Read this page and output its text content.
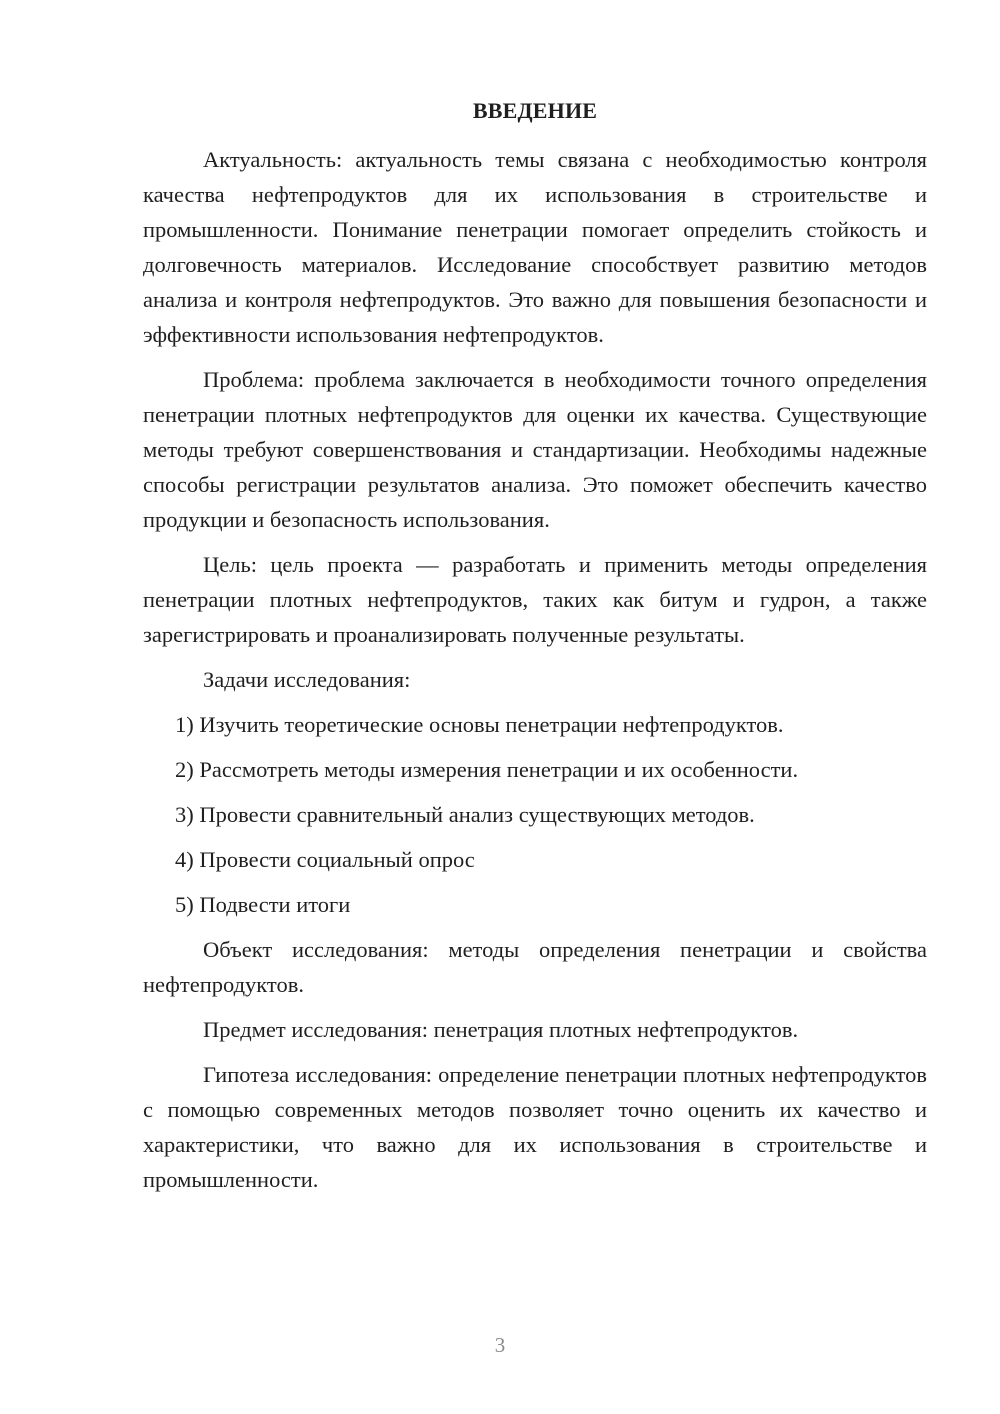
ВВЕДЕНИЕ

Актуальность: актуальность темы связана с необходимостью контроля качества нефтепродуктов для их использования в строительстве и промышленности. Понимание пенетрации помогает определить стойкость и долговечность материалов. Исследование способствует развитию методов анализа и контроля нефтепродуктов. Это важно для повышения безопасности и эффективности использования нефтепродуктов.

Проблема: проблема заключается в необходимости точного определения пенетрации плотных нефтепродуктов для оценки их качества. Существующие методы требуют совершенствования и стандартизации. Необходимы надежные способы регистрации результатов анализа. Это поможет обеспечить качество продукции и безопасность использования.

Цель: цель проекта — разработать и применить методы определения пенетрации плотных нефтепродуктов, таких как битум и гудрон, а также зарегистрировать и проанализировать полученные результаты.

Задачи исследования:

1) Изучить теоретические основы пенетрации нефтепродуктов.
2) Рассмотреть методы измерения пенетрации и их особенности.
3) Провести сравнительный анализ существующих методов.
4) Провести социальный опрос
5) Подвести итоги

Объект исследования: методы определения пенетрации и свойства нефтепродуктов.

Предмет исследования: пенетрация плотных нефтепродуктов.

Гипотеза исследования: определение пенетрации плотных нефтепродуктов с помощью современных методов позволяет точно оценить их качество и характеристики, что важно для их использования в строительстве и промышленности.

3
